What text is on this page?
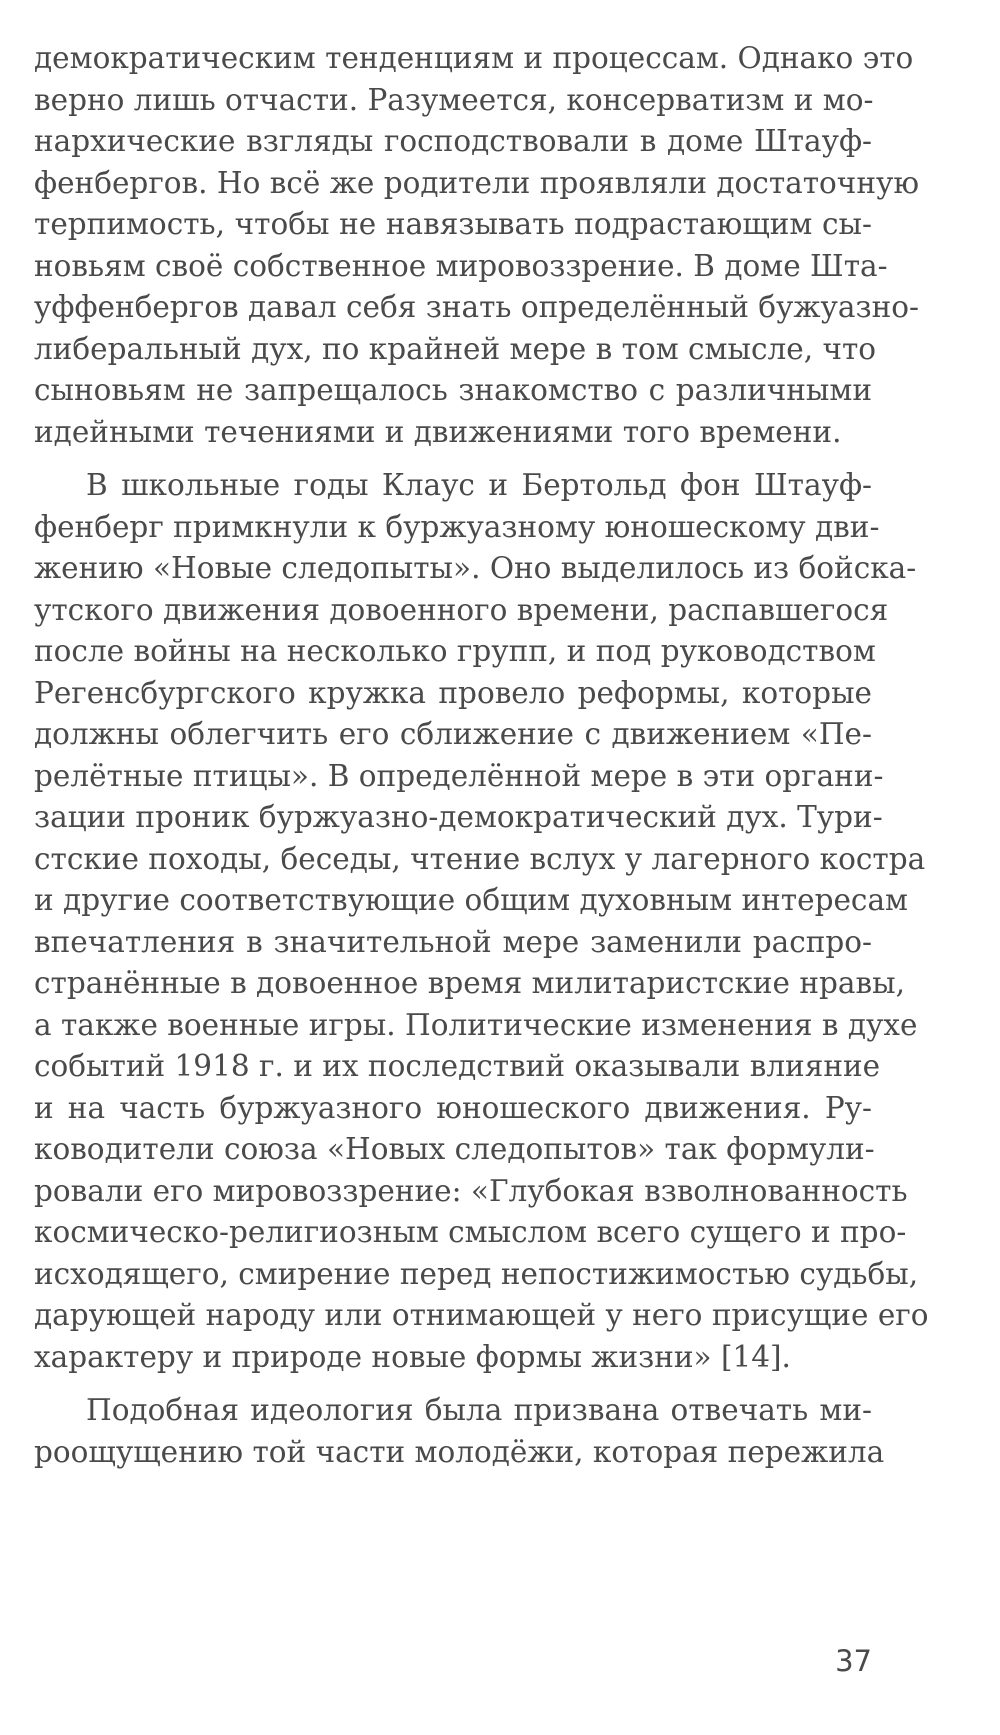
демократическим тенденциям и процессам. Однако это
верно лишь отчасти. Разумеется, консерватизм и мо-
нархические взгляды господствовали в доме Штауф-
фенбергов. Но всё же родители проявляли достаточную
терпимость, чтобы не навязывать подрастающим сы-
новьям своё собственное мировоззрение. В доме Шта-
уффенбергов давал себя знать определённый бужуазно-
либеральный дух, по крайней мере в том смысле, что
сыновьям не запрещалось знакомство с различными
идейными течениями и движениями того времени.
В школьные годы Клаус и Бертольд фон Штауф-
фенберг примкнули к буржуазному юношескому дви-
жению «Новые следопыты». Оно выделилось из бойска-
утского движения довоенного времени, распавшегося
после войны на несколько групп, и под руководством
Регенсбургского кружка провело реформы, которые
должны облегчить его сближение с движением «Пе-
релётные птицы». В определённой мере в эти органи-
зации проник буржуазно-демократический дух. Тури-
стские походы, беседы, чтение вслух у лагерного костра
и другие соответствующие общим духовным интересам
впечатления в значительной мере заменили распро-
странённые в довоенное время милитаристские нравы,
а также военные игры. Политические изменения в духе
событий 1918 г. и их последствий оказывали влияние
и на часть буржуазного юношеского движения. Ру-
ководители союза «Новых следопытов» так формули-
ровали его мировоззрение: «Глубокая взволнованность
космическо-религиозным смыслом всего сущего и про-
исходящего, смирение перед непостижимостью судьбы,
дарующей народу или отнимающей у него присущие его
характеру и природе новые формы жизни» [14].
Подобная идеология была призвана отвечать ми-
роощущению той части молодёжи, которая пережила
37
